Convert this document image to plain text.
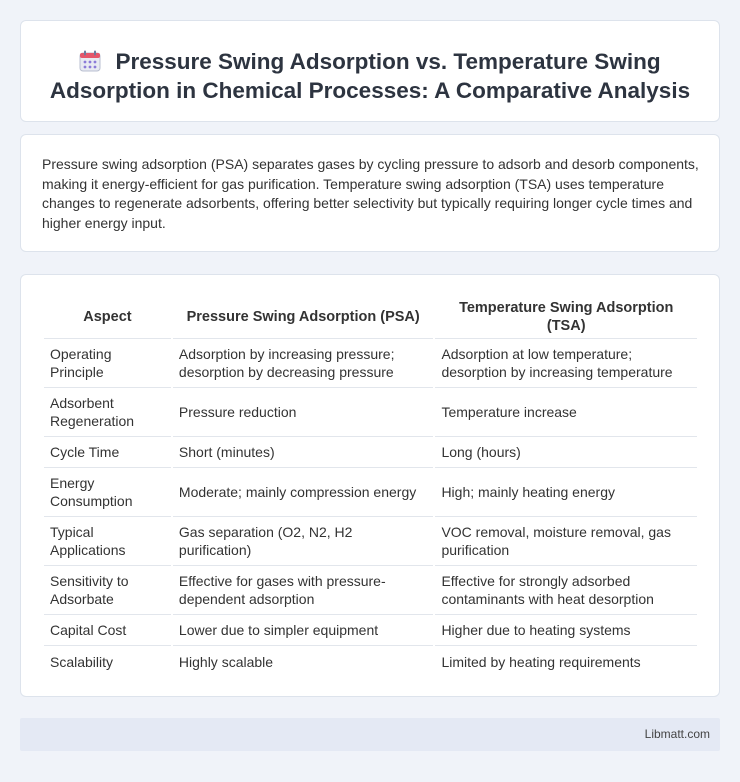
Pressure Swing Adsorption vs. Temperature Swing Adsorption in Chemical Processes: A Comparative Analysis

Pressure swing adsorption (PSA) separates gases by cycling pressure to adsorb and desorb components, making it energy-efficient for gas purification. Temperature swing adsorption (TSA) uses temperature changes to regenerate adsorbents, offering better selectivity but typically requiring longer cycle times and higher energy input.

Aspect	Pressure Swing Adsorption (PSA)	Temperature Swing Adsorption (TSA)
Operating Principle	Adsorption by increasing pressure; desorption by decreasing pressure	Adsorption at low temperature; desorption by increasing temperature
Adsorbent Regeneration	Pressure reduction	Temperature increase
Cycle Time	Short (minutes)	Long (hours)
Energy Consumption	Moderate; mainly compression energy	High; mainly heating energy
Typical Applications	Gas separation (O2, N2, H2 purification)	VOC removal, moisture removal, gas purification
Sensitivity to Adsorbate	Effective for gases with pressure-dependent adsorption	Effective for strongly adsorbed contaminants with heat desorption
Capital Cost	Lower due to simpler equipment	Higher due to heating systems
Scalability	Highly scalable	Limited by heating requirements
Libmatt.com
